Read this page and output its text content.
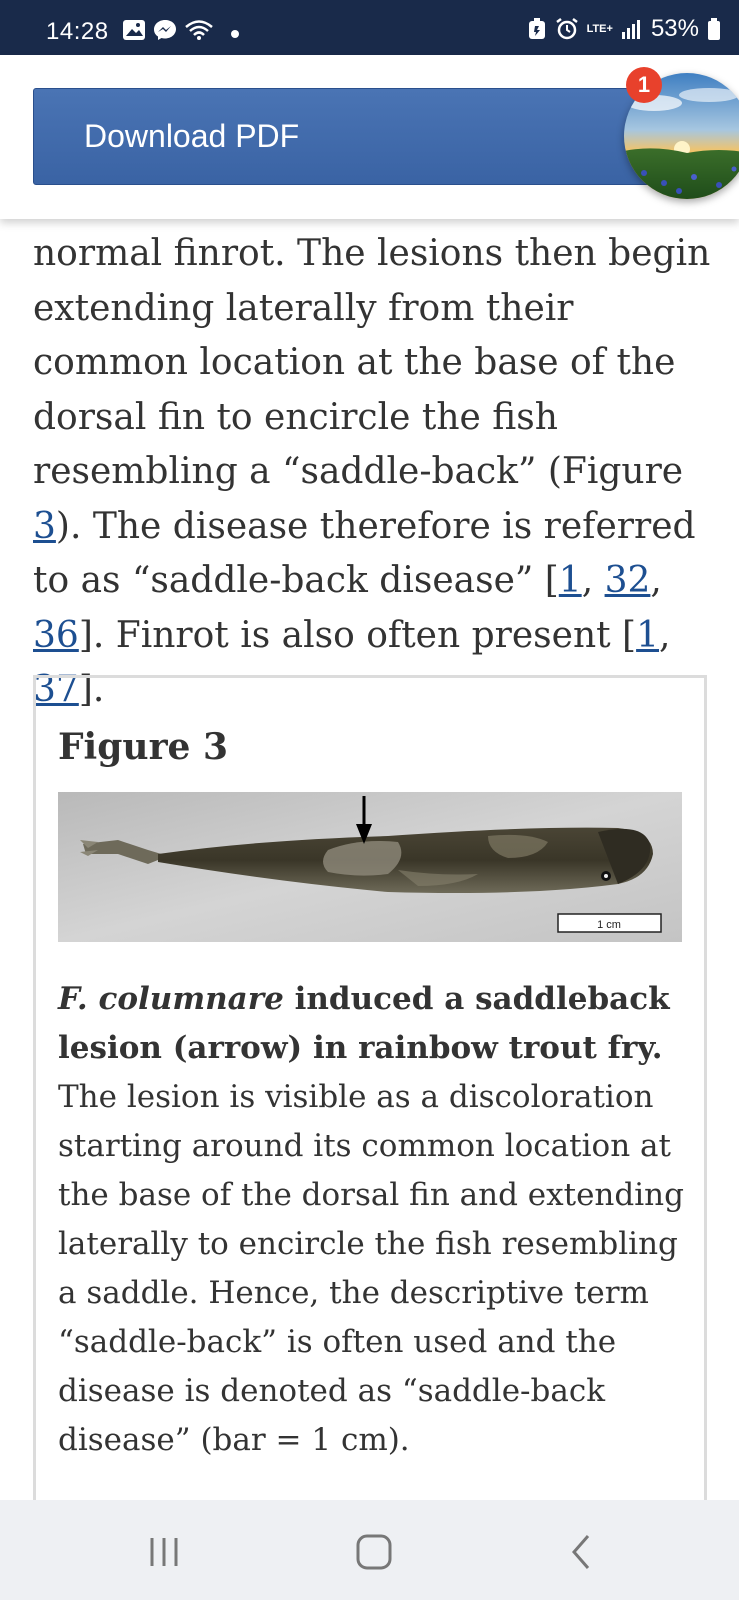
14:28	LTE+ 53%
Download PDF
1
normal finrot. The lesions then begin extending laterally from their common location at the base of the dorsal fin to encircle the fish resembling a “saddle-back” (Figure 3). The disease therefore is referred to as “saddle-back disease” [1, 32, 36]. Finrot is also often present [1, 37].
Figure 3
1 cm
F. columnare induced a saddleback lesion (arrow) in rainbow trout fry. The lesion is visible as a discoloration starting around its common location at the base of the dorsal fin and extending laterally to encircle the fish resembling a saddle. Hence, the descriptive term “saddle-back” is often used and the disease is denoted as “saddle-back disease” (bar = 1 cm).
